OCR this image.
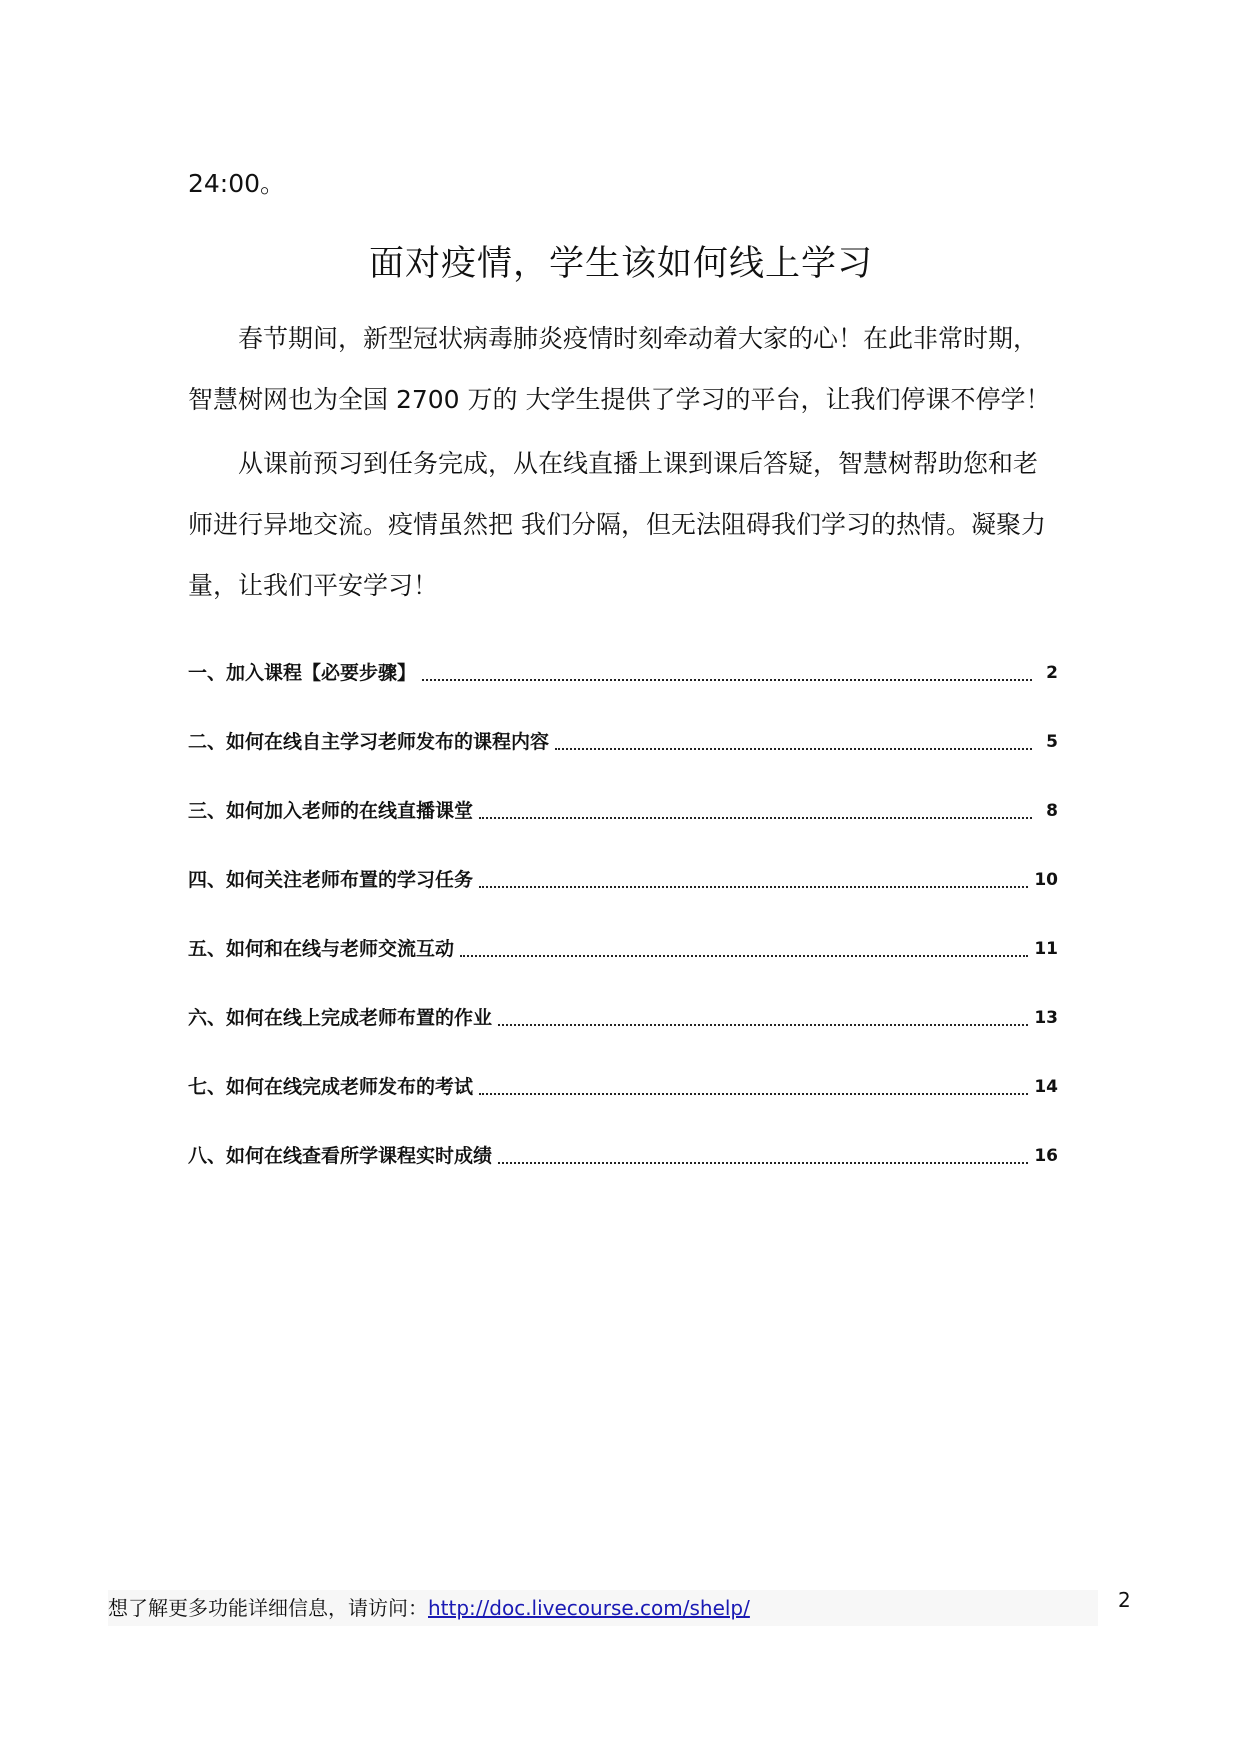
24:00。
面对疫情，学生该如何线上学习

春节期间，新型冠状病毒肺炎疫情时刻牵动着大家的心！在此非常时期，智慧树网也为全国 2700 万的 大学生提供了学习的平台，让我们停课不停学！

从课前预习到任务完成，从在线直播上课到课后答疑，智慧树帮助您和老师进行异地交流。疫情虽然把 我们分隔，但无法阻碍我们学习的热情。凝聚力量，让我们平安学习！

一、加入课程【必要步骤】	2
二、如何在线自主学习老师发布的课程内容	5
三、如何加入老师的在线直播课堂	8
四、如何关注老师布置的学习任务	10
五、如何和在线与老师交流互动	11
六、如何在线上完成老师布置的作业	13
七、如何在线完成老师发布的考试	14
八、如何在线查看所学课程实时成绩	16
想了解更多功能详细信息，请访问：http://doc.livecourse.com/shelp/	2
